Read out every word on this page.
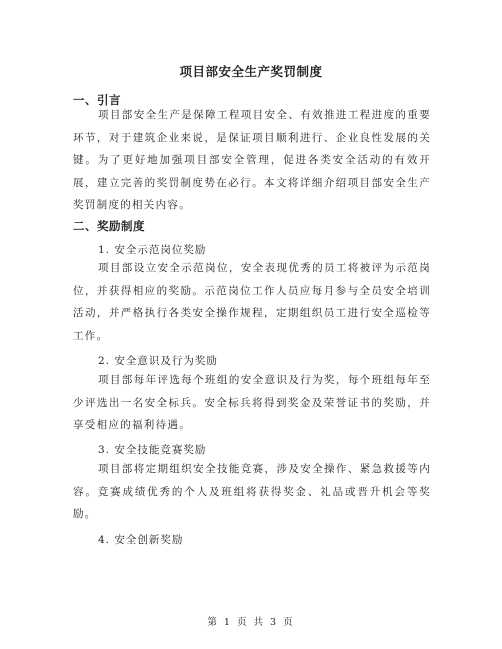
项目部安全生产奖罚制度
一、引言

项目部安全生产是保障工程项目安全、有效推进工程进度的重要环节，对于建筑企业来说，是保证项目顺利进行、企业良性发展的关键。为了更好地加强项目部安全管理，促进各类安全活动的有效开展，建立完善的奖罚制度势在必行。本文将详细介绍项目部安全生产奖罚制度的相关内容。

二、奖励制度
1. 安全示范岗位奖励

项目部设立安全示范岗位，安全表现优秀的员工将被评为示范岗位，并获得相应的奖励。示范岗位工作人员应每月参与全员安全培训活动，并严格执行各类安全操作规程，定期组织员工进行安全巡检等工作。

2. 安全意识及行为奖励

项目部每年评选每个班组的安全意识及行为奖，每个班组每年至少评选出一名安全标兵。安全标兵将得到奖金及荣誉证书的奖励，并享受相应的福利待遇。

3. 安全技能竞赛奖励

项目部将定期组织安全技能竞赛，涉及安全操作、紧急救援等内容。竞赛成绩优秀的个人及班组将获得奖金、礼品或晋升机会等奖励。

4. 安全创新奖励
第 1 页 共 3 页
